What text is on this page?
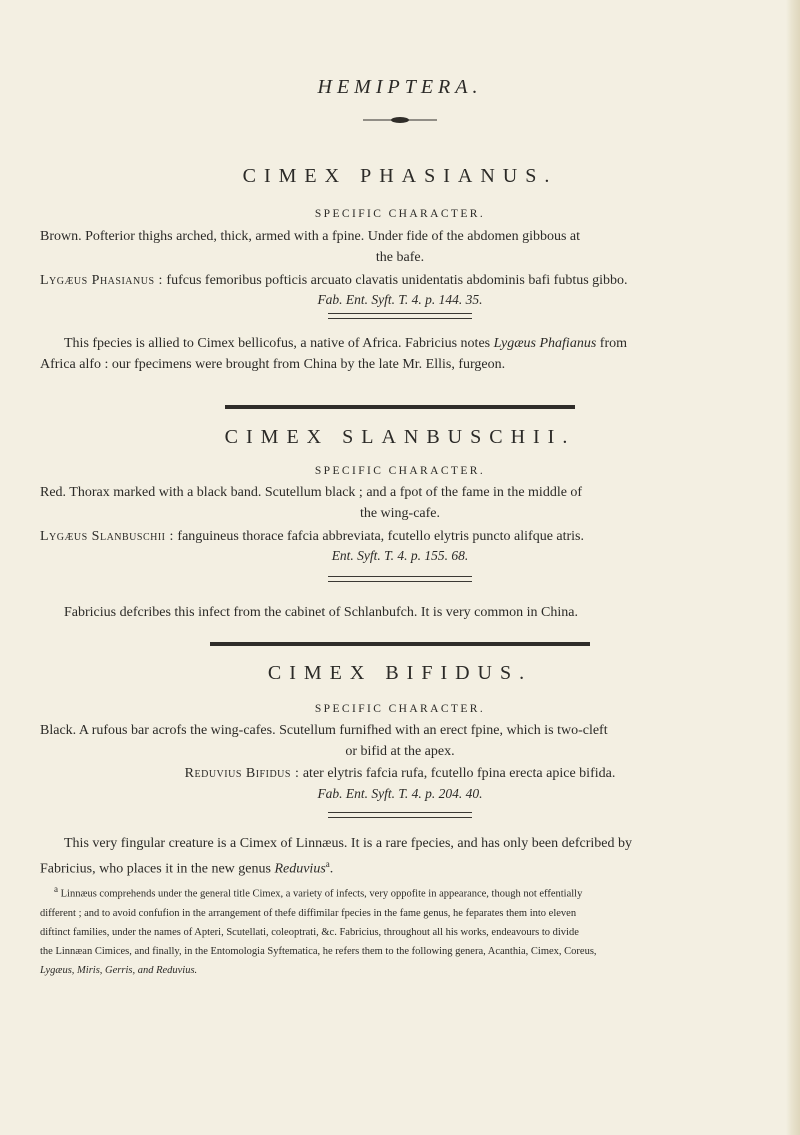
HEMIPTERA.
CIMEX PHASIANUS.
SPECIFIC CHARACTER.
Brown. Pofterior thighs arched, thick, armed with a fpine. Under fide of the abdomen gibbous at
the bafe.
Lygæus Phasianus : fufcus femoribus pofticis arcuato clavatis unidentatis abdominis bafi fubtus gibbo.
Fab. Ent. Syft. T. 4. p. 144. 35.
This fpecies is allied to Cimex bellicofus, a native of Africa. Fabricius notes Lygæus Phafianus from
Africa alfo : our fpecimens were brought from China by the late Mr. Ellis, furgeon.
CIMEX SLANBUSCHII.
SPECIFIC CHARACTER.
Red. Thorax marked with a black band. Scutellum black ; and a fpot of the fame in the middle of
the wing-cafe.
Lygæus Slanbuschii : fanguineus thorace fafcia abbreviata, fcutello elytris puncto alifque atris.
Ent. Syft. T. 4. p. 155. 68.
Fabricius defcribes this infect from the cabinet of Schlanbufch. It is very common in China.
CIMEX BIFIDUS.
SPECIFIC CHARACTER.
Black. A rufous bar acrofs the wing-cafes. Scutellum furnifhed with an erect fpine, which is two-cleft
or bifid at the apex.
Reduvius Bifidus : ater elytris fafcia rufa, fcutello fpina erecta apice bifida.
Fab. Ent. Syft. T. 4. p. 204. 40.
This very fingular creature is a Cimex of Linnæus. It is a rare fpecies, and has only been defcribed by
Fabricius, who places it in the new genus Reduvius$^a$.
$^a$ Linnæus comprehends under the general title Cimex, a variety of infects, very oppofite in appearance, though not effentially
different ; and to avoid confufion in the arrangement of thefe diffimilar fpecies in the fame genus, he feparates them into eleven
diftinct families, under the names of Apteri, Scutellati, coleoptrati, &c. Fabricius, throughout all his works, endeavours to divide
the Linnæan Cimices, and finally, in the Entomologia Syftematica, he refers them to the following genera, Acanthia, Cimex, Coreus,
Lygæus, Miris, Gerris, and Reduvius.
